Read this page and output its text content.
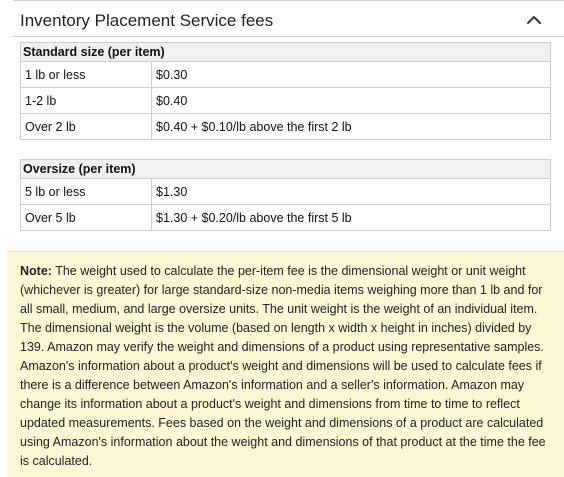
Inventory Placement Service fees
Standard size (per item)	
1 lb or less	$0.30
1-2 lb	$0.40
Over 2 lb	$0.40 + $0.10/lb above the first 2 lb
Oversize (per item)	
5 lb or less	$1.30
Over 5 lb	$1.30 + $0.20/lb above the first 5 lb
Note: The weight used to calculate the per-item fee is the dimensional weight or unit weight (whichever is greater) for large standard-size non-media items weighing more than 1 lb and for all small, medium, and large oversize units. The unit weight is the weight of an individual item. The dimensional weight is the volume (based on length x width x height in inches) divided by 139. Amazon may verify the weight and dimensions of a product using representative samples. Amazon's information about a product's weight and dimensions will be used to calculate fees if there is a difference between Amazon's information and a seller's information. Amazon may change its information about a product's weight and dimensions from time to time to reflect updated measurements. Fees based on the weight and dimensions of a product are calculated using Amazon's information about the weight and dimensions of that product at the time the fee is calculated.
